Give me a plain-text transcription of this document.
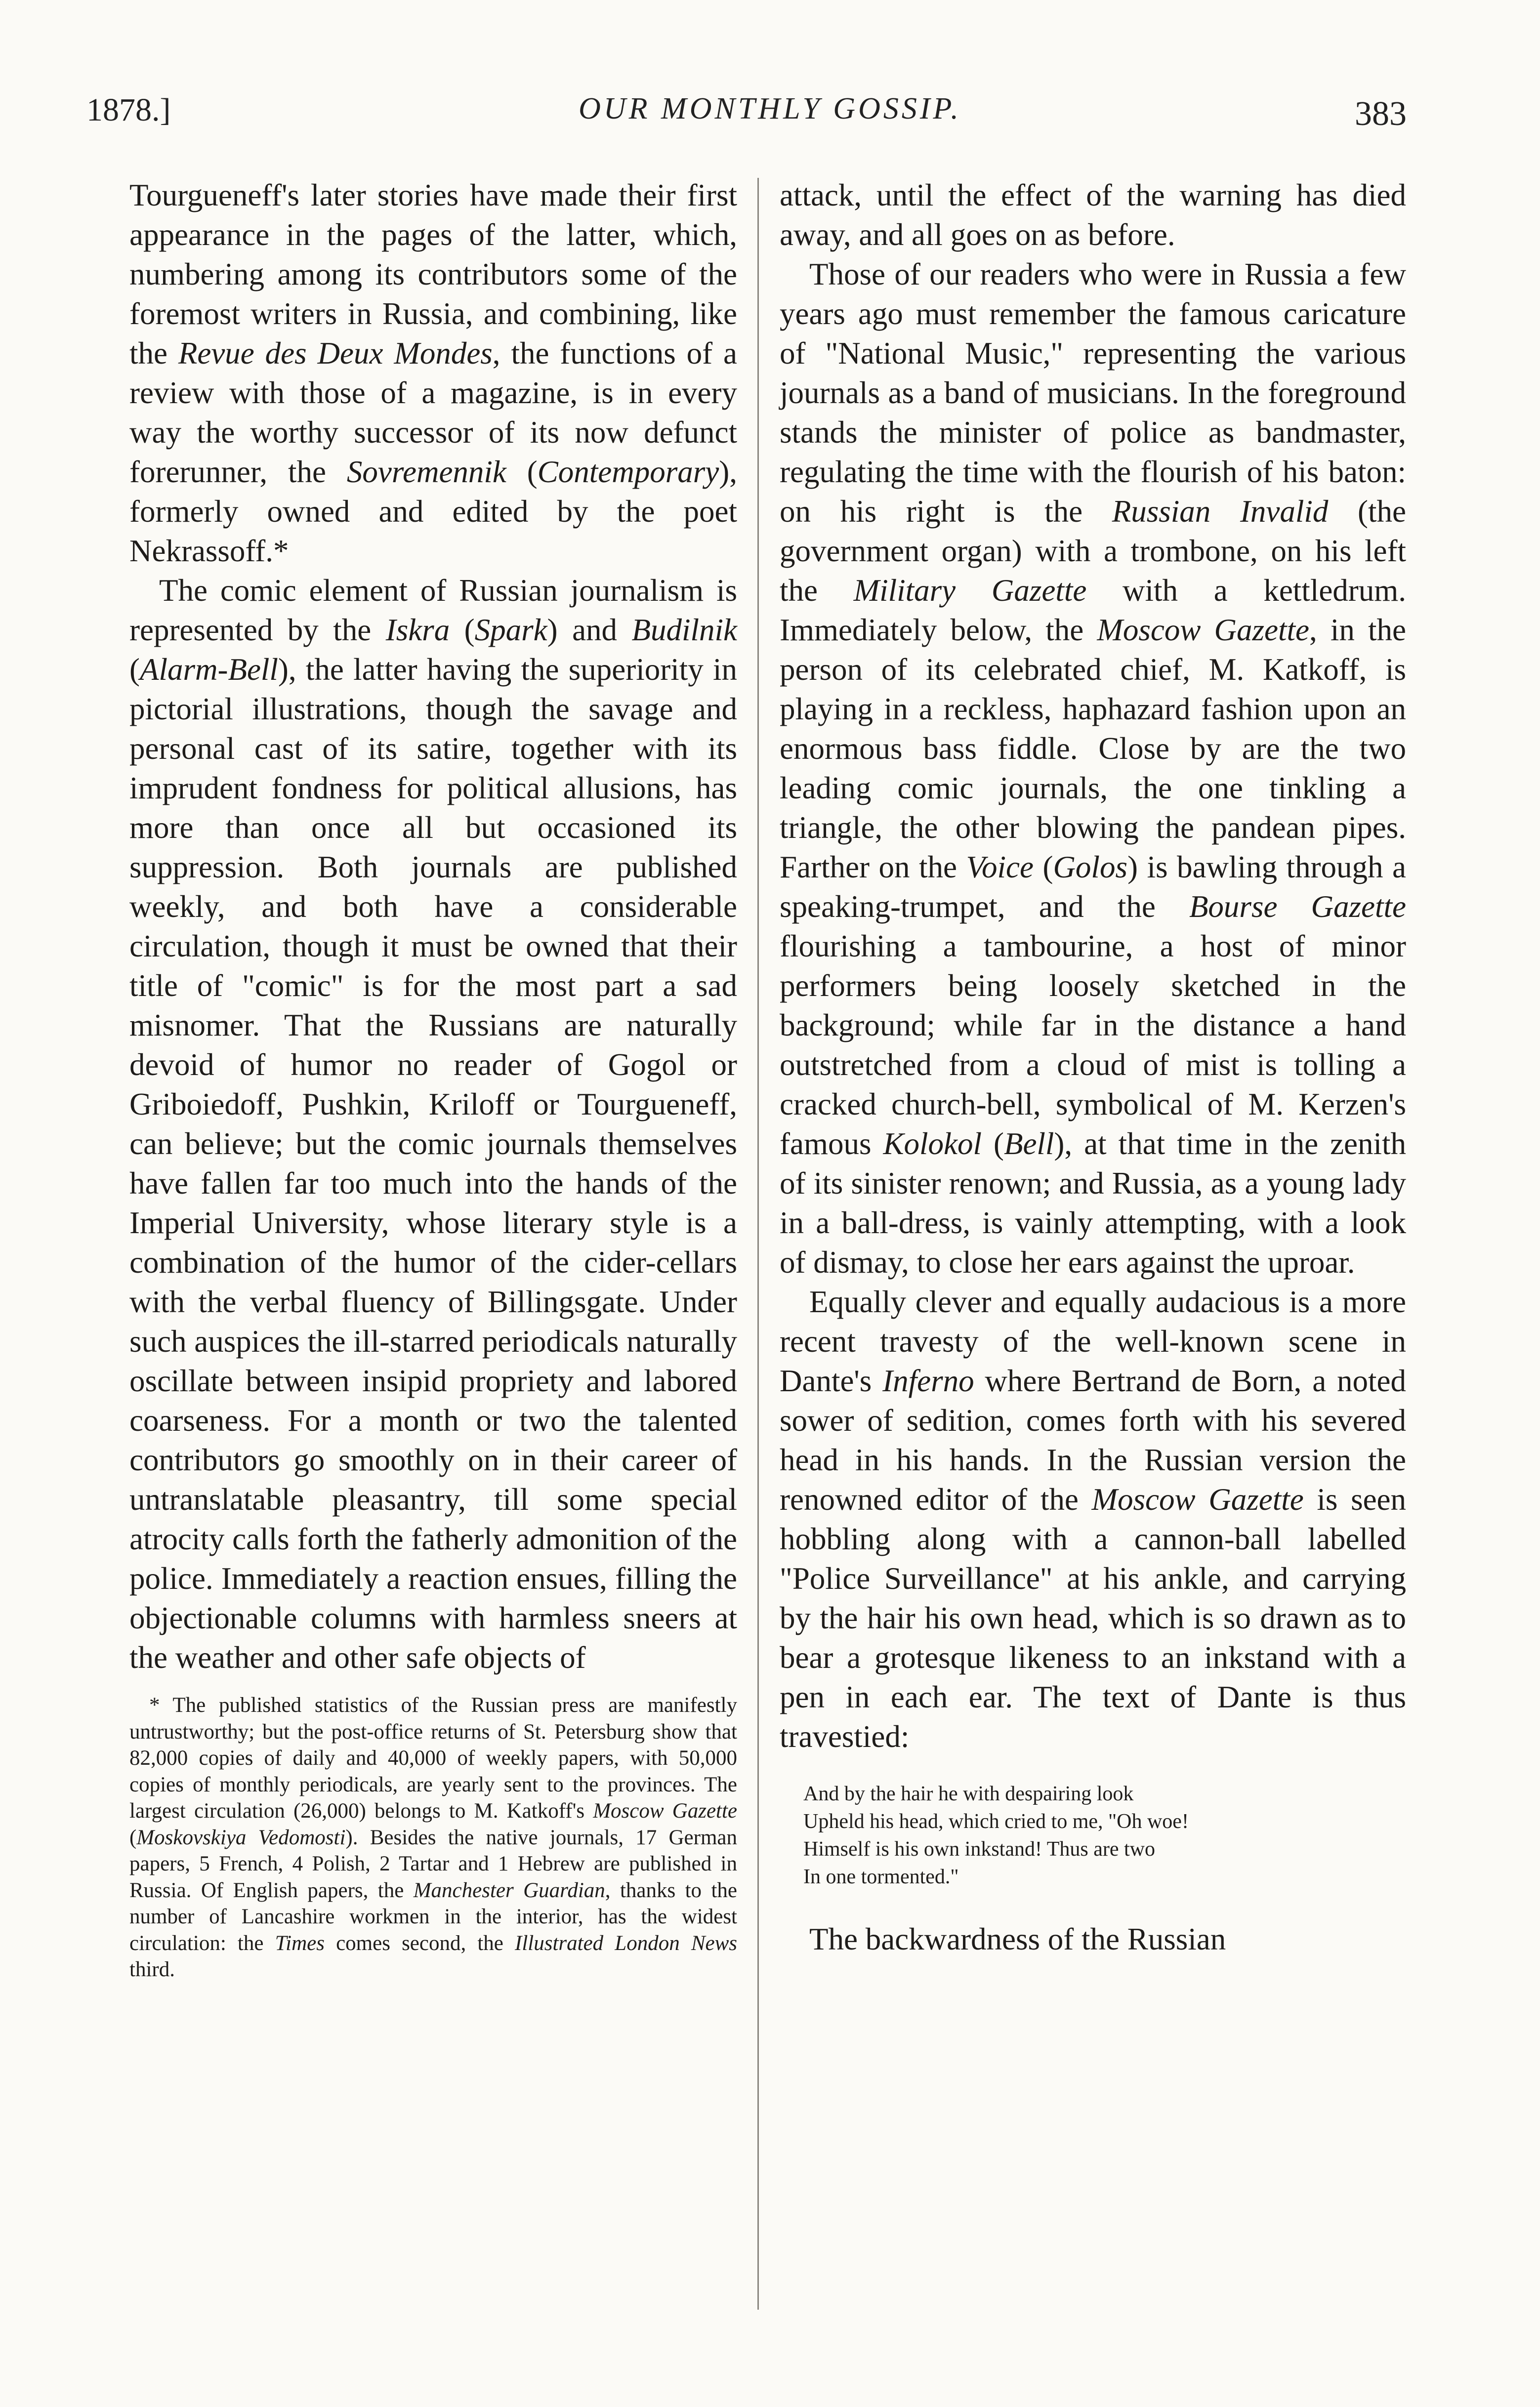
1878.]	OUR MONTHLY GOSSIP.	383

Tourgueneff's later stories have made their first appearance in the pages of the latter, which, numbering among its contributors some of the foremost writers in Russia, and combining, like the Revue des Deux Mondes, the functions of a review with those of a magazine, is in every way the worthy successor of its now defunct forerunner, the Sovremennik (Contemporary), formerly owned and edited by the poet Nekrassoff.*

The comic element of Russian journalism is represented by the Iskra (Spark) and Budilnik (Alarm-Bell), the latter having the superiority in pictorial illustrations, though the savage and personal cast of its satire, together with its imprudent fondness for political allusions, has more than once all but occasioned its suppression. Both journals are published weekly, and both have a considerable circulation, though it must be owned that their title of "comic" is for the most part a sad misnomer. That the Russians are naturally devoid of humor no reader of Gogol or Griboiedoff, Pushkin, Kriloff or Tourgueneff, can believe; but the comic journals themselves have fallen far too much into the hands of the Imperial University, whose literary style is a combination of the humor of the cider-cellars with the verbal fluency of Billingsgate. Under such auspices the ill-starred periodicals naturally oscillate between insipid propriety and labored coarseness. For a month or two the talented contributors go smoothly on in their career of untranslatable pleasantry, till some special atrocity calls forth the fatherly admonition of the police. Immediately a reaction ensues, filling the objectionable columns with harmless sneers at the weather and other safe objects of

* The published statistics of the Russian press are manifestly untrustworthy; but the post-office returns of St. Petersburg show that 82,000 copies of daily and 40,000 of weekly papers, with 50,000 copies of monthly periodicals, are yearly sent to the provinces. The largest circulation (26,000) belongs to M. Katkoff's Moscow Gazette (Moskovskiya Vedomosti). Besides the native journals, 17 German papers, 5 French, 4 Polish, 2 Tartar and 1 Hebrew are published in Russia. Of English papers, the Manchester Guardian, thanks to the number of Lancashire workmen in the interior, has the widest circulation: the Times comes second, the Illustrated London News third.

attack, until the effect of the warning has died away, and all goes on as before.

Those of our readers who were in Russia a few years ago must remember the famous caricature of "National Music," representing the various journals as a band of musicians. In the foreground stands the minister of police as bandmaster, regulating the time with the flourish of his baton: on his right is the Russian Invalid (the government organ) with a trombone, on his left the Military Gazette with a kettledrum. Immediately below, the Moscow Gazette, in the person of its celebrated chief, M. Katkoff, is playing in a reckless, haphazard fashion upon an enormous bass fiddle. Close by are the two leading comic journals, the one tinkling a triangle, the other blowing the pandean pipes. Farther on the Voice (Golos) is bawling through a speaking-trumpet, and the Bourse Gazette flourishing a tambourine, a host of minor performers being loosely sketched in the background; while far in the distance a hand outstretched from a cloud of mist is tolling a cracked church-bell, symbolical of M. Kerzen's famous Kolokol (Bell), at that time in the zenith of its sinister renown; and Russia, as a young lady in a ball-dress, is vainly attempting, with a look of dismay, to close her ears against the uproar.

Equally clever and equally audacious is a more recent travesty of the well-known scene in Dante's Inferno where Bertrand de Born, a noted sower of sedition, comes forth with his severed head in his hands. In the Russian version the renowned editor of the Moscow Gazette is seen hobbling along with a cannon-ball labelled "Police Surveillance" at his ankle, and carrying by the hair his own head, which is so drawn as to bear a grotesque likeness to an inkstand with a pen in each ear. The text of Dante is thus travestied:

And by the hair he with despairing look
Upheld his head, which cried to me, "Oh woe!
Himself is his own inkstand! Thus are two
In one tormented."

The backwardness of the Russian
